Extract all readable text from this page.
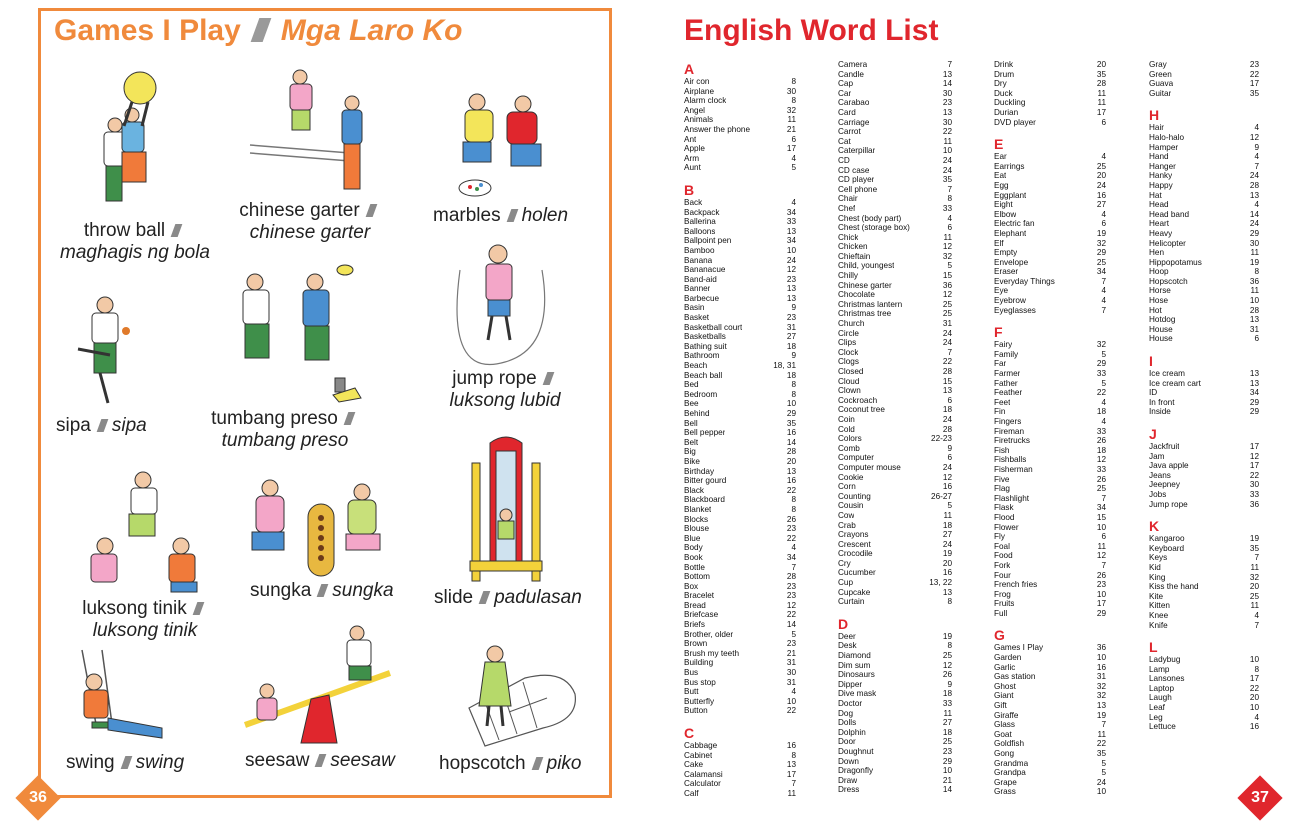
Games I Play Mga Laro Ko
throw ball
maghagis ng bola
chinese garter
chinese garter
marbles holen
sipa sipa	tumbang preso
tumbang preso
jump rope
luksong lubid
luksong tinik
luksong tinik
sungka sungka slide padulasan
swing swing	seesaw seesaw hopscotch piko
36
English Word List
A
Air con	8
Airplane	30
Alarm clock	8
Angel	32
Animals	11
Answer the phone	21
Ant	6
Apple	17
Arm	4
Aunt	5
B
Back	4
Backpack	34
Ballerina	33
Balloons	13
Ballpoint pen	34
Bamboo	10
Banana	24
Bananacue	12
Band-aid	23
Banner	13
Barbecue	13
Basin	9
Basket	23
Basketball court	31
Basketballs	27
Bathing suit	18
Bathroom	9
Beach	18, 31
Beach ball	18
Bed	8
Bedroom	8
Bee	10
Behind	29
Bell	35
Bell pepper	16
Belt	14
Big	28
Bike	20
Birthday	13
Bitter gourd	16
Black	22
Blackboard	8
Blanket	8
Blocks	26
Blouse	23
Blue	22
Body	4
Book	34
Bottle	7
Bottom	28
Box	23
Bracelet	23
Bread	12
Briefcase	22
Briefs	14
Brother, older	5
Brown	23
Brush my teeth	21
Building	31
Bus	30
Bus stop	31
Butt	4
Butterfly	10
Button	22
C
Cabbage	16
Cabinet	8
Cake	13
Calamansi	17
Calculator	7
Calf	11
Camera	7
Candle	13
Cap	14
Car	30
Carabao	23
Card	13
Carriage	30
Carrot	22
Cat	11
Caterpillar	10
CD	24
CD case	24
CD player	35
Cell phone	7
Chair	8
Chef	33
Chest (body part)	4
Chest (storage box)	6
Chick	11
Chicken	12
Chieftain	32
Child, youngest	5
Chilly	15
Chinese garter	36
Chocolate	12
Christmas lantern	25
Christmas tree	25
Church	31
Circle	24
Clips	24
Clock	7
Clogs	22
Closed	28
Cloud	15
Clown	13
Cockroach	6
Coconut tree	18
Coin	24
Cold	28
Colors	22-23
Comb	9
Computer	6
Computer mouse	24
Cookie	12
Corn	16
Counting	26-27
Cousin	5
Cow	11
Crab	18
Crayons	27
Crescent	24
Crocodile	19
Cry	20
Cucumber	16
Cup	13, 22
Cupcake	13
Curtain	8
D
Deer	19
Desk	8
Diamond	25
Dim sum	12
Dinosaurs	26
Dipper	9
Dive mask	18
Doctor	33
Dog	11
Dolls	27
Dolphin	18
Door	25
Doughnut	23
Down	29
Dragonfly	10
Draw	21
Dress	14
Drink	20
Drum	35
Dry	28
Duck	11
Duckling	11
Durian	17
DVD player	6
E
Ear	4
Earrings	25
Eat	20
Egg	24
Eggplant	16
Eight	27
Elbow	4
Electric fan	6
Elephant	19
Elf	32
Empty	29
Envelope	25
Eraser	34
Everyday Things	7
Eye	4
Eyebrow	4
Eyeglasses	7
F
Fairy	32
Family	5
Far	29
Farmer	33
Father	5
Feather	22
Feet	4
Fin	18
Fingers	4
Fireman	33
Firetrucks	26
Fish	18
Fishballs	12
Fisherman	33
Five	26
Flag	25
Flashlight	7
Flask	34
Flood	15
Flower	10
Fly	6
Foal	11
Food	12
Fork	7
Four	26
French fries	23
Frog	10
Fruits	17
Full	29
G
Games I Play	36
Garden	10
Garlic	16
Gas station	31
Ghost	32
Giant	32
Gift	13
Giraffe	19
Glass	7
Goat	11
Goldfish	22
Gong	35
Grandma	5
Grandpa	5
Grape	24
Grass	10
Gray	23
Green	22
Guava	17
Guitar	35
H
Hair	4
Halo-halo	12
Hamper	9
Hand	4
Hanger	7
Hanky	24
Happy	28
Hat	13
Head	4
Head band	14
Heart	24
Heavy	29
Helicopter	30
Hen	11
Hippopotamus	19
Hoop	8
Hopscotch	36
Horse	11
Hose	10
Hot	28
Hotdog	13
House	31
House	6
I
Ice cream	13
Ice cream cart	13
ID	34
In front	29
Inside	29
J
Jackfruit	17
Jam	12
Java apple	17
Jeans	22
Jeepney	30
Jobs	33
Jump rope	36
K
Kangaroo	19
Keyboard	35
Keys	7
Kid	11
King	32
Kiss the hand	20
Kite	25
Kitten	11
Knee	4
Knife	7
L
Ladybug	10
Lamp	8
Lansones	17
Laptop	22
Laugh	20
Leaf	10
Leg	4
Lettuce	16
37
